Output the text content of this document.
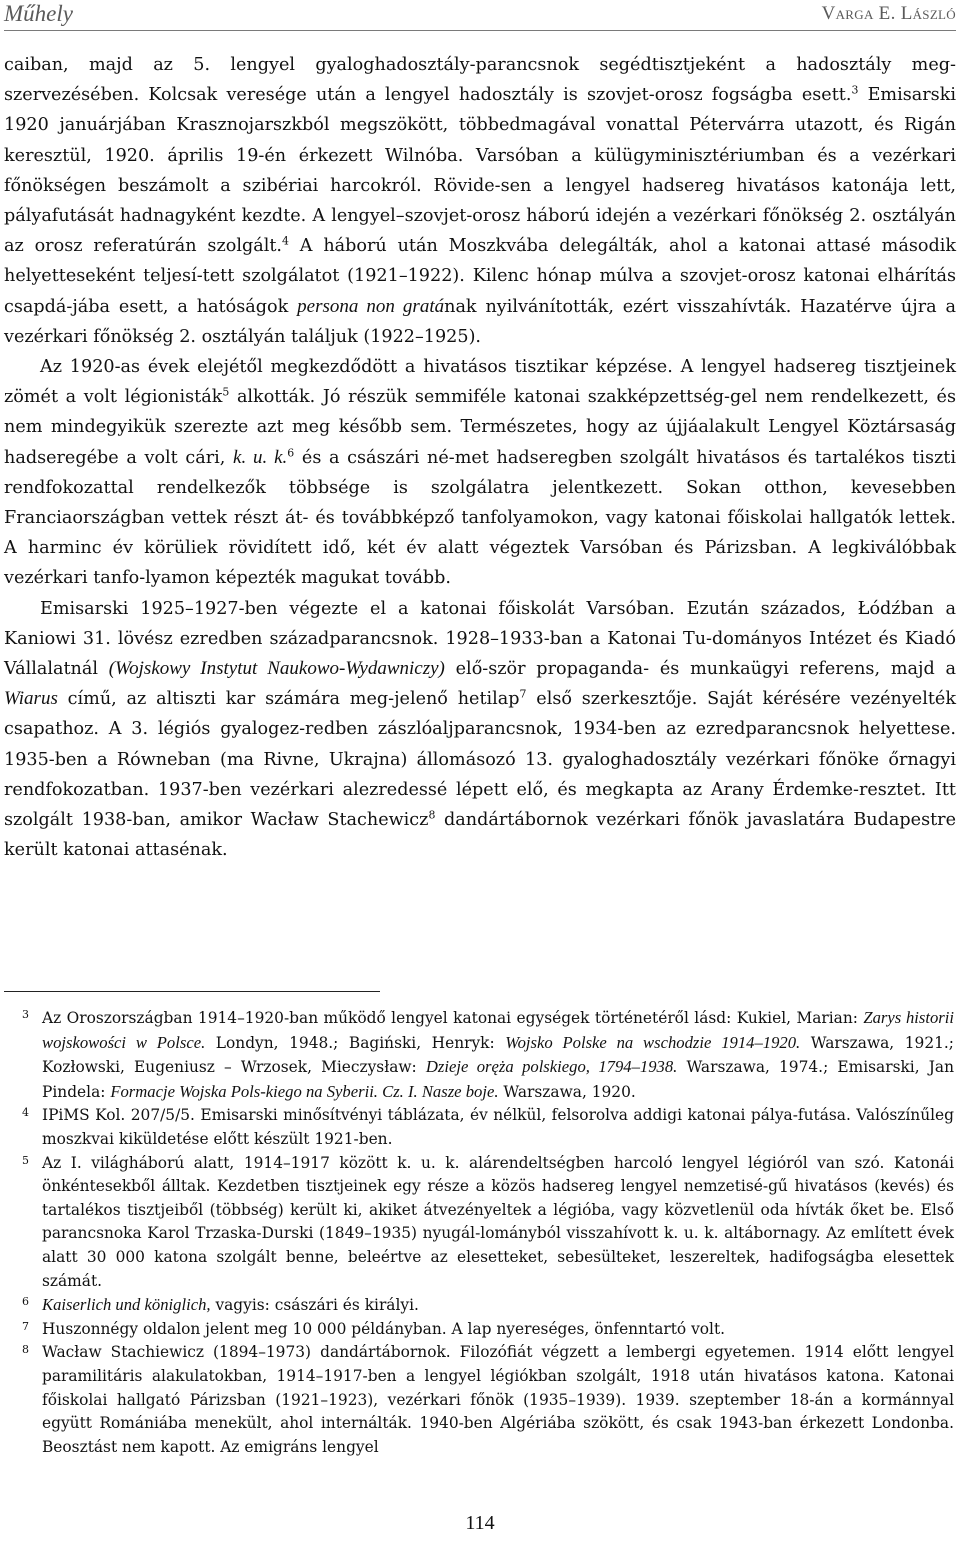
Műhely	Varga E. László

caiban, majd az 5. lengyel gyaloghadosztály-parancsnok segédtisztjeként a hadosztály meg-szervezésében. Kolcsak veresége után a lengyel hadosztály is szovjet-orosz fogságba esett.$^3$ Emisarski 1920 januárjában Krasznojarszkból megszökött, többedmagával vonattal Pétervárra utazott, és Rigán keresztül, 1920. április 19-én érkezett Wilnóba. Varsóban a külügyminisztériumban és a vezérkari főnökségen beszámolt a szibériai harcokról. Rövide-sen a lengyel hadsereg hivatásos katonája lett, pályafutását hadnagyként kezdte. A lengyel–szovjet-orosz háború idején a vezérkari főnökség 2. osztályán az orosz referatúrán szolgált.$^4$ A háború után Moszkvába delegálták, ahol a katonai attasé második helyetteseként teljesí-tett szolgálatot (1921–1922). Kilenc hónap múlva a szovjet-orosz katonai elhárítás csapdá-jába esett, a hatóságok persona non gratának nyilvánították, ezért visszahívták. Hazatérve újra a vezérkari főnökség 2. osztályán találjuk (1922–1925).

Az 1920-as évek elejétől megkezdődött a hivatásos tisztikar képzése. A lengyel hadsereg tisztjeinek zömét a volt légionisták$^5$ alkották. Jó részük semmiféle katonai szakképzettség-gel nem rendelkezett, és nem mindegyikük szerezte azt meg később sem. Természetes, hogy az újjáalakult Lengyel Köztársaság hadseregébe a volt cári, k. u. k.$^6$ és a császári né-met hadseregben szolgált hivatásos és tartalékos tiszti rendfokozattal rendelkezők többsége is szolgálatra jelentkezett. Sokan otthon, kevesebben Franciaországban vettek részt át- és továbbképző tanfolyamokon, vagy katonai főiskolai hallgatók lettek. A harminc év körüliek rövidített idő, két év alatt végeztek Varsóban és Párizsban. A legkiválóbbak vezérkari tanfo-lyamon képezték magukat tovább.

Emisarski 1925–1927-ben végezte el a katonai főiskolát Varsóban. Ezután százados, Łódźban a Kaniowi 31. lövész ezredben századparancsnok. 1928–1933-ban a Katonai Tu-dományos Intézet és Kiadó Vállalatnál (Wojskowy Instytut Naukowo-Wydawniczy) elő-ször propaganda- és munkaügyi referens, majd a Wiarus című, az altiszti kar számára meg-jelenő hetilap$^7$ első szerkesztője. Saját kérésére vezényelték csapathoz. A 3. légiós gyalogez-redben zászlóaljparancsnok, 1934-ben az ezredparancsnok helyettese. 1935-ben a Równeban (ma Rivne, Ukrajna) állomásozó 13. gyaloghadosztály vezérkari főnöke őrnagyi rendfokozatban. 1937-ben vezérkari alezredessé lépett elő, és megkapta az Arany Érdemke-resztet. Itt szolgált 1938-ban, amikor Wacław Stachewicz$^8$ dandártábornok vezérkari főnök javaslatára Budapestre került katonai attasénak.

3 Az Oroszországban 1914–1920-ban működő lengyel katonai egységek történetéről lásd: Kukiel, Marian: Zarys historii wojskowości w Polsce. Londyn, 1948.; Bagiński, Henryk: Wojsko Polske na wschodzie 1914–1920. Warszawa, 1921.; Kozłowski, Eugeniusz – Wrzosek, Mieczysław: Dzieje oręża polskiego, 1794–1938. Warszawa, 1974.; Emisarski, Jan Pindela: Formacje Wojska Pols-kiego na Syberii. Cz. I. Nasze boje. Warszawa, 1920.
4 IPiMS Kol. 207/5/5. Emisarski minősítvényi táblázata, év nélkül, felsorolva addigi katonai pálya-futása. Valószínűleg moszkvai kiküldetése előtt készült 1921-ben.
5 Az I. világháború alatt, 1914–1917 között k. u. k. alárendeltségben harcoló lengyel légióról van szó. Katonái önkéntesekből álltak. Kezdetben tisztjeinek egy része a közös hadsereg lengyel nemzetisé-gű hivatásos (kevés) és tartalékos tisztjeiből (többség) került ki, akiket átvezényeltek a légióba, vagy közvetlenül oda hívták őket be. Első parancsnoka Karol Trzaska-Durski (1849–1935) nyugál-lományból visszahívott k. u. k. altábornagy. Az említett évek alatt 30 000 katona szolgált benne, beleértve az elesetteket, sebesülteket, leszereltek, hadifogságba elesettek számát.
6 Kaiserlich und königlich, vagyis: császári és királyi.
7 Huszonnégy oldalon jelent meg 10 000 példányban. A lap nyereséges, önfenntartó volt.
8 Wacław Stachiewicz (1894–1973) dandártábornok. Filozófiát végzett a lembergi egyetemen. 1914 előtt lengyel paramilitáris alakulatokban, 1914–1917-ben a lengyel légiókban szolgált, 1918 után hivatásos katona. Katonai főiskolai hallgató Párizsban (1921–1923), vezérkari főnök (1935–1939). 1939. szeptember 18-án a kormánnyal együtt Romániába menekült, ahol internálták. 1940-ben Algériába szökött, és csak 1943-ban érkezett Londonba. Beosztást nem kapott. Az emigráns lengyel
114
